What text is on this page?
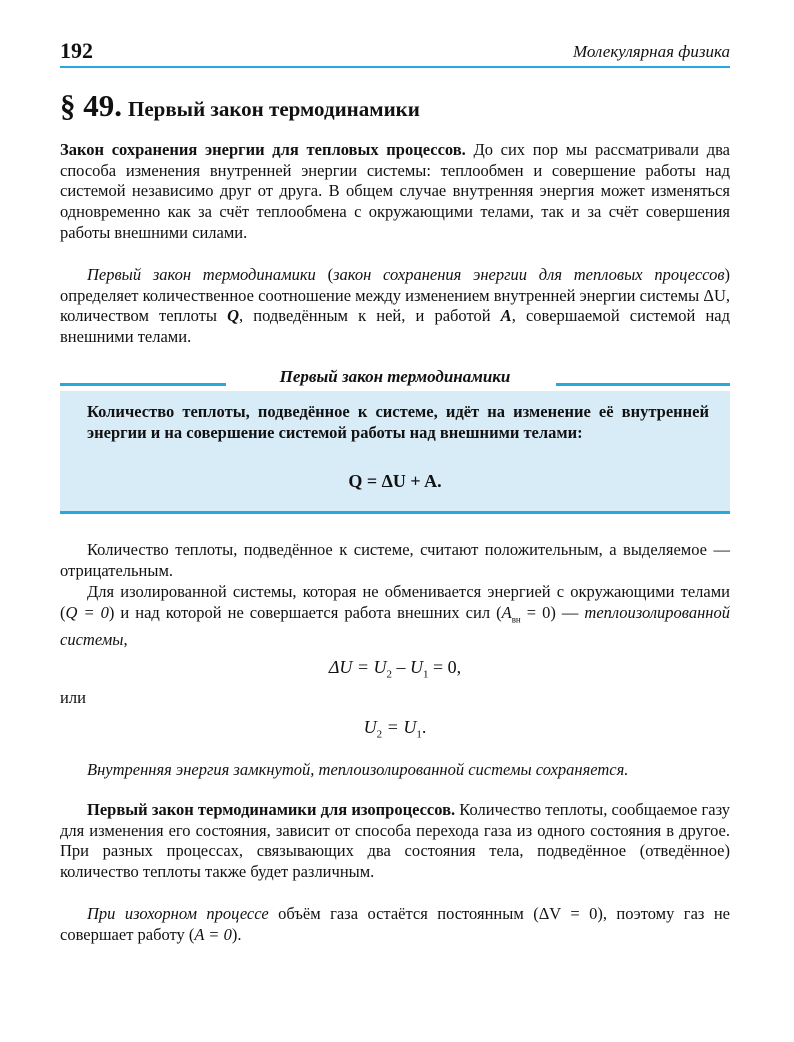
192	Молекулярная физика
§ 49. Первый закон термодинамики

Закон сохранения энергии для тепловых процессов. До сих пор мы рассматривали два способа изменения внутренней энергии системы: теплообмен и совершение работы над системой независимо друг от друга. В общем случае внутренняя энергия может изменяться одновременно как за счёт теплообмена с окружающими телами, так и за счёт совершения работы внешними силами.

Первый закон термодинамики (закон сохранения энергии для тепловых процессов) определяет количественное соотношение между изменением внутренней энергии системы ΔU, количеством теплоты Q, подведённым к ней, и работой A, совершаемой системой над внешними телами.

Первый закон термодинамики
Количество теплоты, подведённое к системе, идёт на изменение её внутренней энергии и на совершение системой работы над внешними телами:
Q = ΔU + A.

Количество теплоты, подведённое к системе, считают положительным, а выделяемое — отрицательным.

Для изолированной системы, которая не обменивается энергией с окружающими телами (Q = 0) и над которой не совершается работа внешних сил $(A_{вн} = 0)$ — теплоизолированной системы,

$\Delta U = U_2 - U_1 = 0$,
или
$U_2 = U_1$.

Внутренняя энергия замкнутой, теплоизолированной системы сохраняется.

Первый закон термодинамики для изопроцессов. Количество теплоты, сообщаемое газу для изменения его состояния, зависит от способа перехода газа из одного состояния в другое. При разных процессах, связывающих два состояния тела, подведённое (отведённое) количество теплоты также будет различным.

При изохорном процессе объём газа остаётся постоянным (ΔV = 0), поэтому газ не совершает работу (A = 0).
